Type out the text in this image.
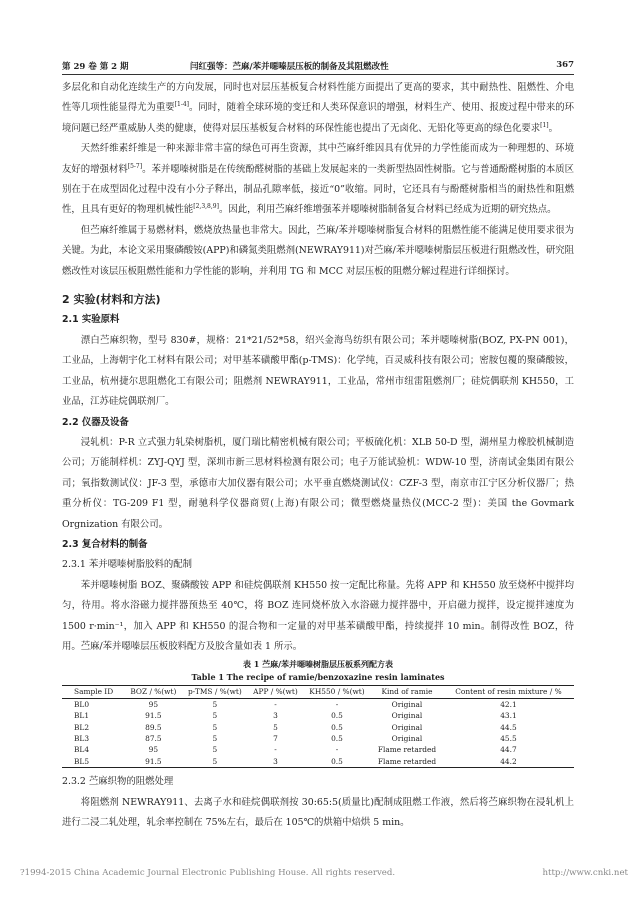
第 29 卷 第 2 期	闫红强等：苎麻/苯并噁嗪层压板的制备及其阻燃改性	367

多层化和自动化连续生产的方向发展，同时也对层压基板复合材料性能方面提出了更高的要求，其中耐热性、阻燃性、介电性等几项性能显得尤为重要[1-4]。同时，随着全球环境的变迁和人类环保意识的增强，材料生产、使用、报废过程中带来的环境问题已经严重威胁人类的健康，使得对层压基板复合材料的环保性能也提出了无卤化、无铅化等更高的绿色化要求[1]。

天然纤维素纤维是一种来源非常丰富的绿色可再生资源，其中苎麻纤维因具有优异的力学性能而成为一种理想的、环境友好的增强材料[5-7]。苯并噁嗪树脂是在传统酚醛树脂的基础上发展起来的一类新型热固性树脂。它与普通酚醛树脂的本质区别在于在成型固化过程中没有小分子释出，制品孔隙率低，接近“0”收缩。同时，它还具有与酚醛树脂相当的耐热性和阻燃性，且具有更好的物理机械性能[2,3,8,9]。因此，利用苎麻纤维增强苯并噁嗪树脂制备复合材料已经成为近期的研究热点。

但苎麻纤维属于易燃材料，燃烧放热量也非常大。因此，苎麻/苯并噁嗪树脂复合材料的阻燃性能不能满足使用要求很为关键。为此，本论文采用聚磷酸铵(APP)和磷氮类阻燃剂(NEWRAY911)对苎麻/苯并噁嗪树脂层压板进行阻燃改性，研究阻燃改性对该层压板阻燃性能和力学性能的影响，并利用 TG 和 MCC 对层压板的阻燃分解过程进行详细探讨。

2 实验(材料和方法)
2.1 实验原料

漂白苎麻织物，型号 830#，规格：21*21/52*58，绍兴金海鸟纺织有限公司；苯并噁嗪树脂(BOZ, PX-PN 001)，工业品，上海朝宇化工材料有限公司；对甲基苯磺酸甲酯(p-TMS)：化学纯，百灵威科技有限公司；密胺包覆的聚磷酸铵，工业品，杭州捷尔思阻燃化工有限公司；阻燃剂 NEWRAY911，工业品，常州市纽雷阻燃剂厂；硅烷偶联剂 KH550，工业品，江苏硅烷偶联剂厂。

2.2 仪器及设备

浸轧机：P-R 立式强力轧染树脂机，厦门瑞比精密机械有限公司；平板硫化机：XLB 50-D 型，湖州星力橡胶机械制造公司；万能制样机：ZYJ-QYJ 型，深圳市新三思材料检测有限公司；电子万能试验机：WDW-10 型，济南试金集团有限公司；氧指数测试仪：JF-3 型，承德市大加仪器有限公司；水平垂直燃烧测试仪：CZF-3 型，南京市江宁区分析仪器厂；热重分析仪：TG-209 F1 型，耐驰科学仪器商贸(上海)有限公司；微型燃烧量热仪(MCC-2 型)：美国 the Govmark Orgnization 有限公司。

2.3 复合材料的制备
2.3.1 苯并噁嗪树脂胶料的配制

苯并噁嗪树脂 BOZ、聚磷酸铵 APP 和硅烷偶联剂 KH550 按一定配比称量。先将 APP 和 KH550 放至烧杯中搅拌均匀，待用。将水浴磁力搅拌器预热至 40℃，将 BOZ 连同烧杯放入水浴磁力搅拌器中，开启磁力搅拌，设定搅拌速度为 1500 r·min⁻¹，加入 APP 和 KH550 的混合物和一定量的对甲基苯磺酸甲酯，持续搅拌 10 min。制得改性 BOZ，待用。苎麻/苯并噁嗪层压板胶料配方及胶含量如表 1 所示。

表 1 苎麻/苯并噁嗪树脂层压板系列配方表
Table 1 The recipe of ramie/benzoxazine resin laminates
Sample ID	BOZ / %(wt)	p-TMS / %(wt)	APP / %(wt)	KH550 / %(wt)	Kind of ramie	Content of resin mixture / %
BL0	95	5	-	-	Original	42.1
BL1	91.5	5	3	0.5	Original	43.1
BL2	89.5	5	5	0.5	Original	44.5
BL3	87.5	5	7	0.5	Original	45.5
BL4	95	5	-	-	Flame retarded	44.7
BL5	91.5	5	3	0.5	Flame retarded	44.2
2.3.2 苎麻织物的阻燃处理

将阻燃剂 NEWRAY911、去离子水和硅烷偶联剂按 30:65:5(质量比)配制成阻燃工作液，然后将苎麻织物在浸轧机上进行二浸二轧处理，轧余率控制在 75%左右，最后在 105℃的烘箱中焙烘 5 min。

?1994-2015 China Academic Journal Electronic Publishing House. All rights reserved.	http://www.cnki.net
